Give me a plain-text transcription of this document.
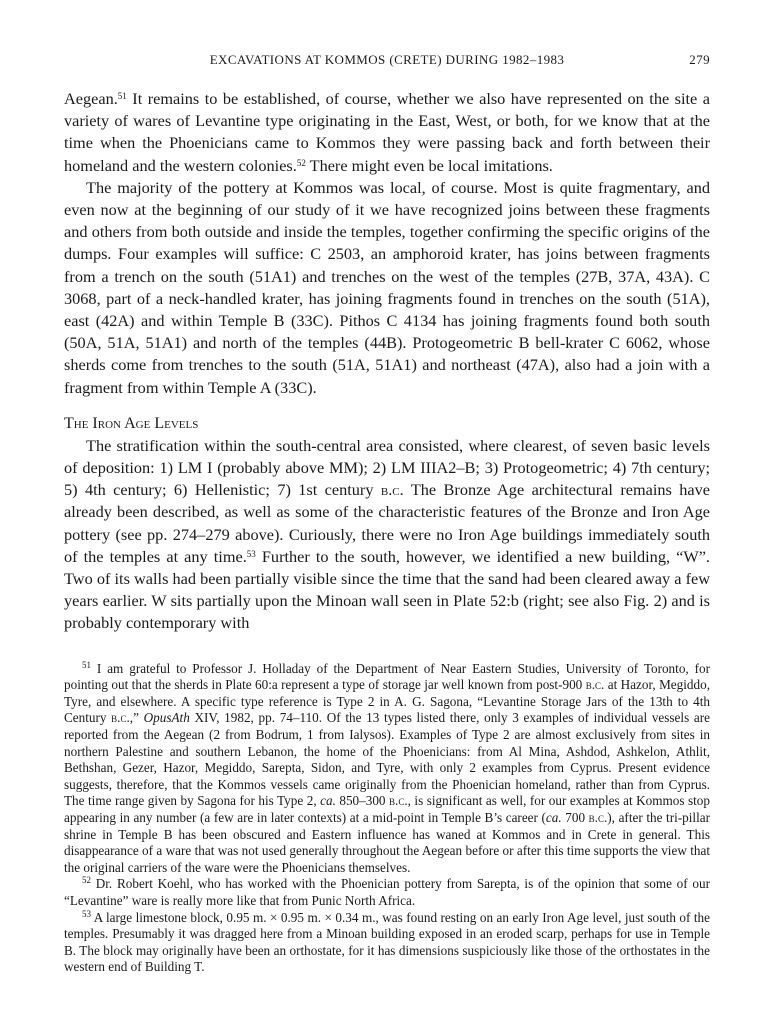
EXCAVATIONS AT KOMMOS (CRETE) DURING 1982–1983	279

Aegean.$^{51}$ It remains to be established, of course, whether we also have represented on the site a variety of wares of Levantine type originating in the East, West, or both, for we know that at the time when the Phoenicians came to Kommos they were passing back and forth between their homeland and the western colonies.$^{52}$ There might even be local imitations.

The majority of the pottery at Kommos was local, of course. Most is quite fragmentary, and even now at the beginning of our study of it we have recognized joins between these fragments and others from both outside and inside the temples, together confirming the specific origins of the dumps. Four examples will suffice: C 2503, an amphoroid krater, has joins between fragments from a trench on the south (51A1) and trenches on the west of the temples (27B, 37A, 43A). C 3068, part of a neck-handled krater, has joining fragments found in trenches on the south (51A), east (42A) and within Temple B (33C). Pithos C 4134 has joining fragments found both south (50A, 51A, 51A1) and north of the temples (44B). Protogeometric B bell-krater C 6062, whose sherds come from trenches to the south (51A, 51A1) and northeast (47A), also had a join with a fragment from within Temple A (33C).

The Iron Age Levels

The stratification within the south-central area consisted, where clearest, of seven basic levels of deposition: 1) LM I (probably above MM); 2) LM IIIA2–B; 3) Protogeometric; 4) 7th century; 5) 4th century; 6) Hellenistic; 7) 1st century b.c. The Bronze Age architectural remains have already been described, as well as some of the characteristic features of the Bronze and Iron Age pottery (see pp. 274–279 above). Curiously, there were no Iron Age buildings immediately south of the temples at any time.$^{53}$ Further to the south, however, we identified a new building, “W”. Two of its walls had been partially visible since the time that the sand had been cleared away a few years earlier. W sits partially upon the Minoan wall seen in Plate 52:b (right; see also Fig. 2) and is probably contemporary with

$^{51}$ I am grateful to Professor J. Holladay of the Department of Near Eastern Studies, University of Toronto, for pointing out that the sherds in Plate 60:a represent a type of storage jar well known from post-900 b.c. at Hazor, Megiddo, Tyre, and elsewhere. A specific type reference is Type 2 in A. G. Sagona, “Levantine Storage Jars of the 13th to 4th Century b.c.,” OpusAth XIV, 1982, pp. 74–110. Of the 13 types listed there, only 3 examples of individual vessels are reported from the Aegean (2 from Bodrum, 1 from Ialysos). Examples of Type 2 are almost exclusively from sites in northern Palestine and southern Lebanon, the home of the Phoenicians: from Al Mina, Ashdod, Ashkelon, Athlit, Bethshan, Gezer, Hazor, Megiddo, Sarepta, Sidon, and Tyre, with only 2 examples from Cyprus. Present evidence suggests, therefore, that the Kommos vessels came originally from the Phoenician homeland, rather than from Cyprus. The time range given by Sagona for his Type 2, ca. 850–300 b.c., is significant as well, for our examples at Kommos stop appearing in any number (a few are in later contexts) at a mid-point in Temple B’s career (ca. 700 b.c.), after the tri-pillar shrine in Temple B has been obscured and Eastern influence has waned at Kommos and in Crete in general. This disappearance of a ware that was not used generally throughout the Aegean before or after this time supports the view that the original carriers of the ware were the Phoenicians themselves.

$^{52}$ Dr. Robert Koehl, who has worked with the Phoenician pottery from Sarepta, is of the opinion that some of our “Levantine” ware is really more like that from Punic North Africa.

$^{53}$ A large limestone block, 0.95 m. × 0.95 m. × 0.34 m., was found resting on an early Iron Age level, just south of the temples. Presumably it was dragged here from a Minoan building exposed in an eroded scarp, perhaps for use in Temple B. The block may originally have been an orthostate, for it has dimensions suspiciously like those of the orthostates in the western end of Building T.
